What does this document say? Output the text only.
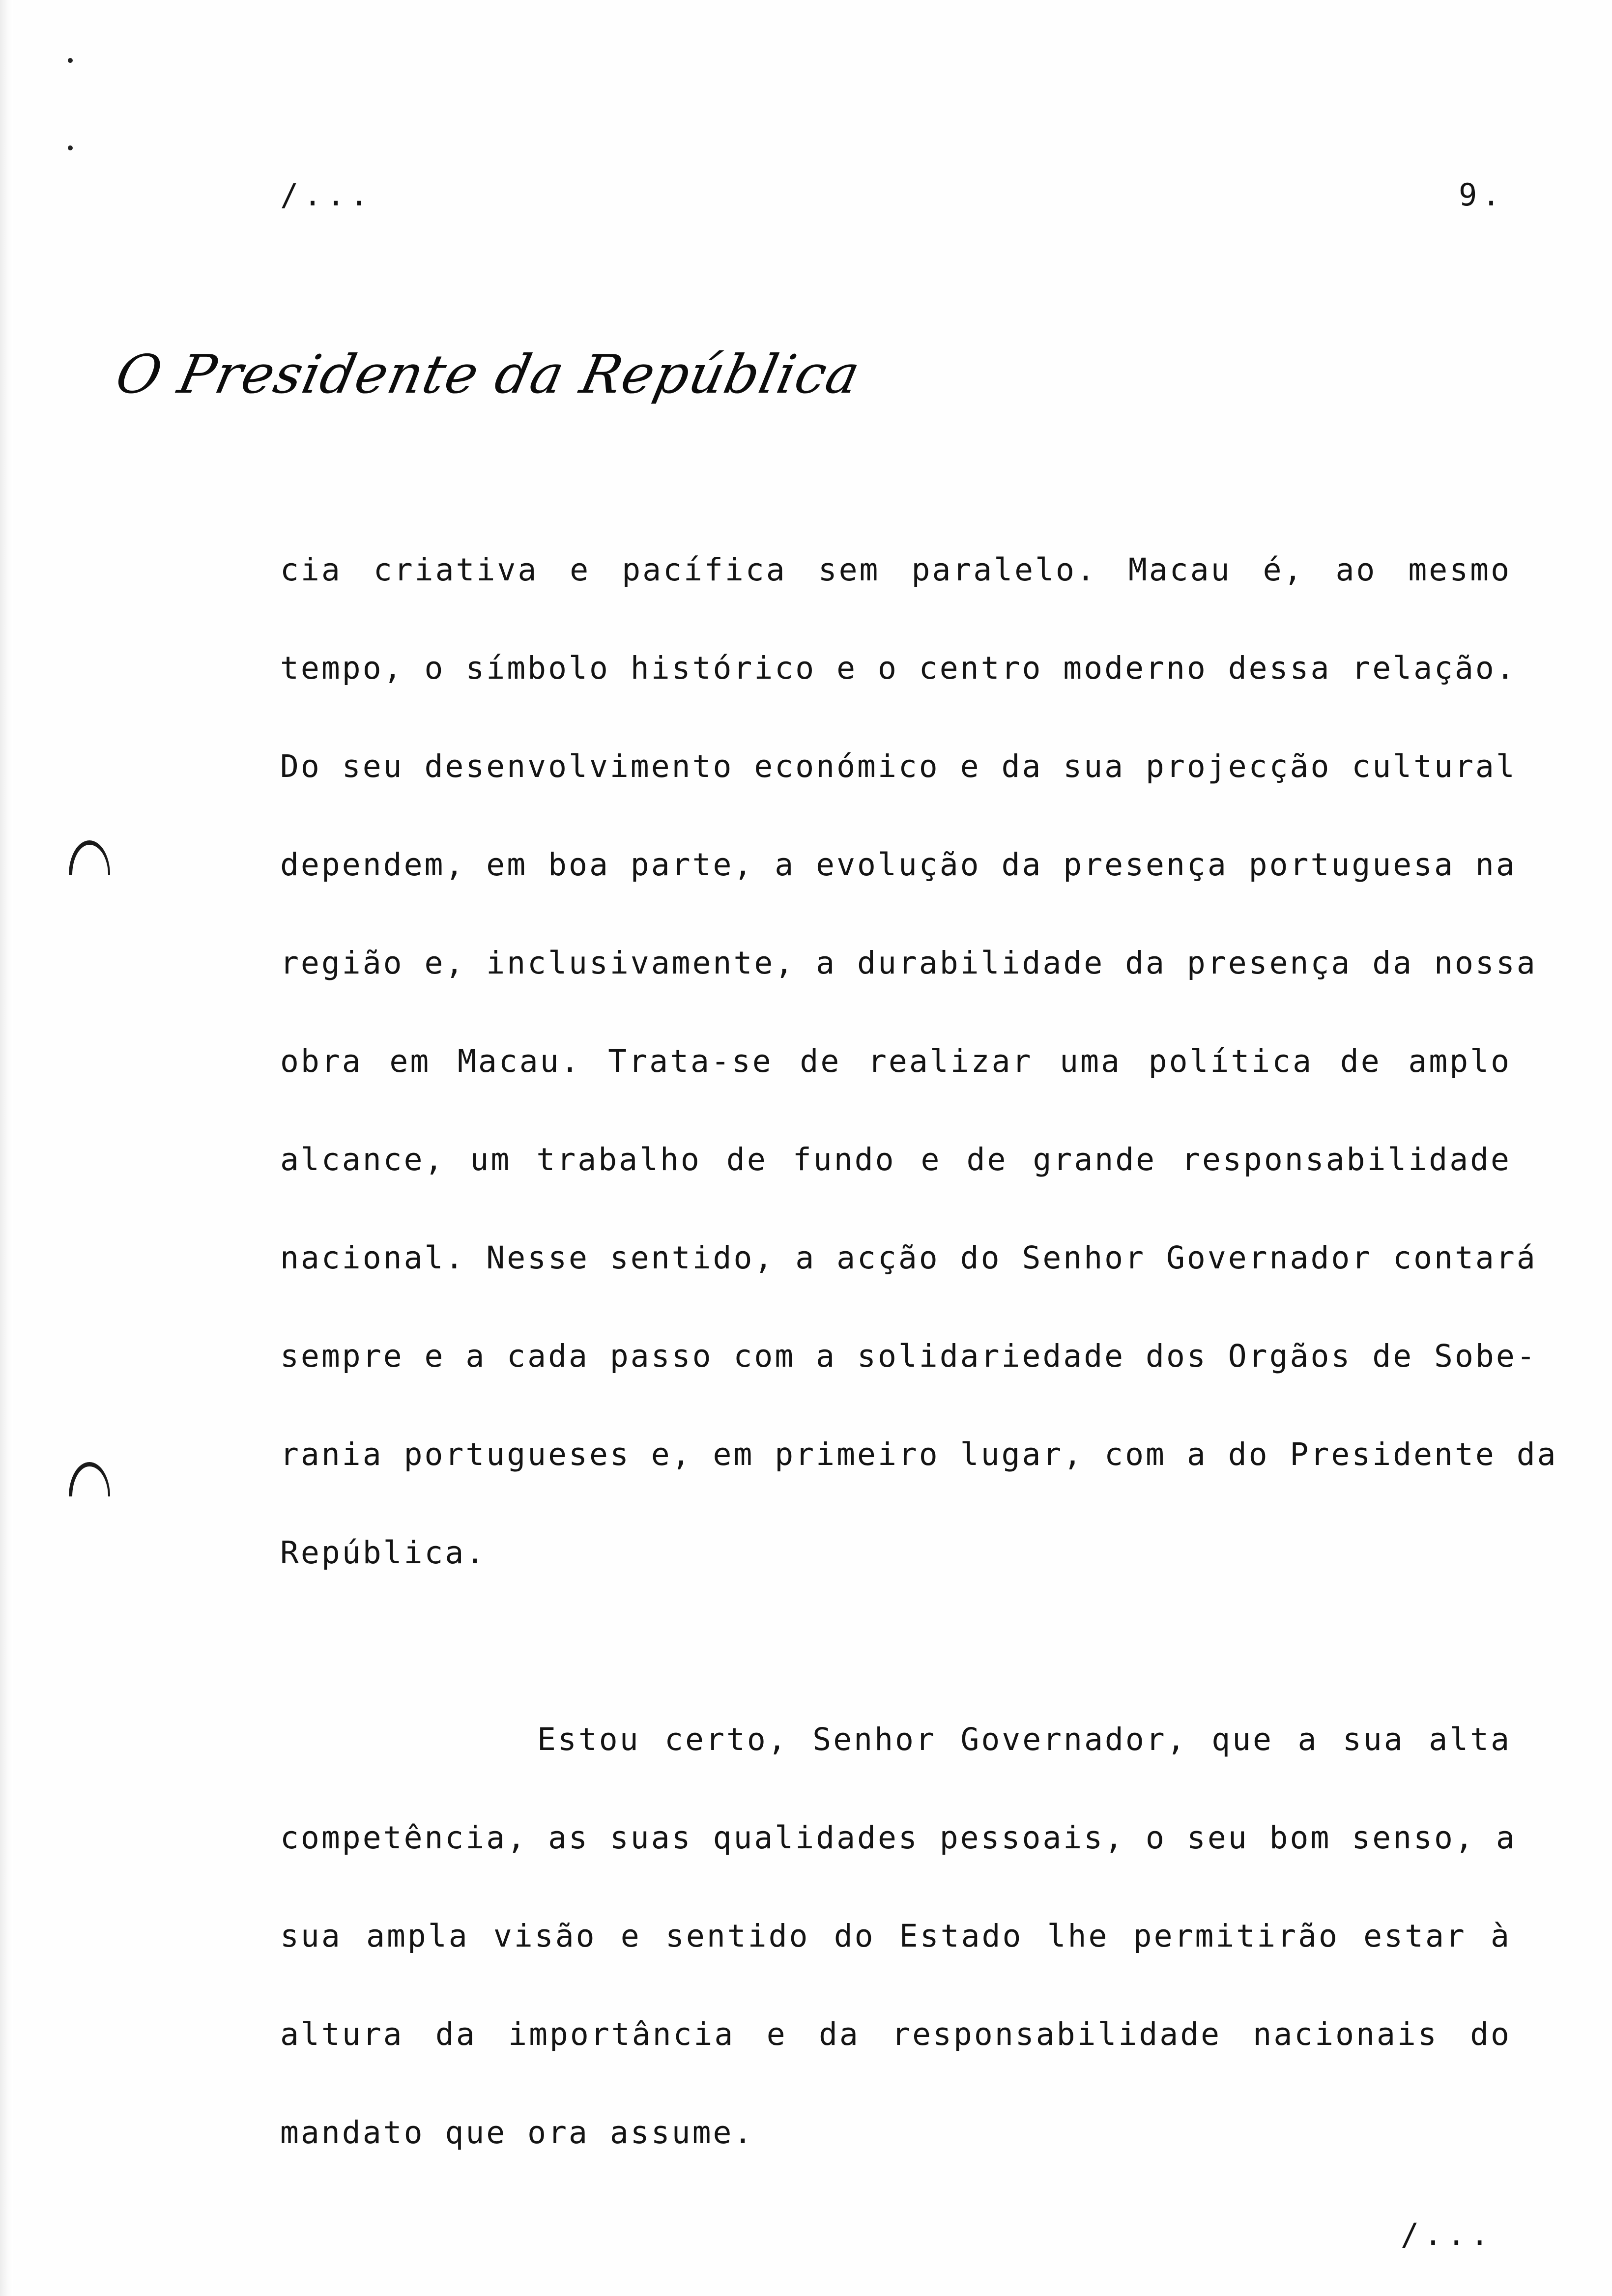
/...	9.
O Presidente da República
cia criativa e pacífica sem paralelo. Macau é, ao mesmo
tempo, o símbolo histórico e o centro moderno dessa relação.
Do seu desenvolvimento económico e da sua projecção cultural
dependem, em boa parte, a evolução da presença portuguesa na
região e, inclusivamente, a durabilidade da presença da nossa
obra em Macau. Trata-se de realizar uma política de amplo
alcance, um trabalho de fundo e de grande responsabilidade
nacional. Nesse sentido, a acção do Senhor Governador contará
sempre e a cada passo com a solidariedade dos Orgãos de Sobe-
rania portugueses e, em primeiro lugar, com a do Presidente da
República.
Estou certo, Senhor Governador, que a sua alta
competência, as suas qualidades pessoais, o seu bom senso, a
sua ampla visão e sentido do Estado lhe permitirão estar à
altura da importância e da responsabilidade nacionais do
mandato que ora assume.
/...
